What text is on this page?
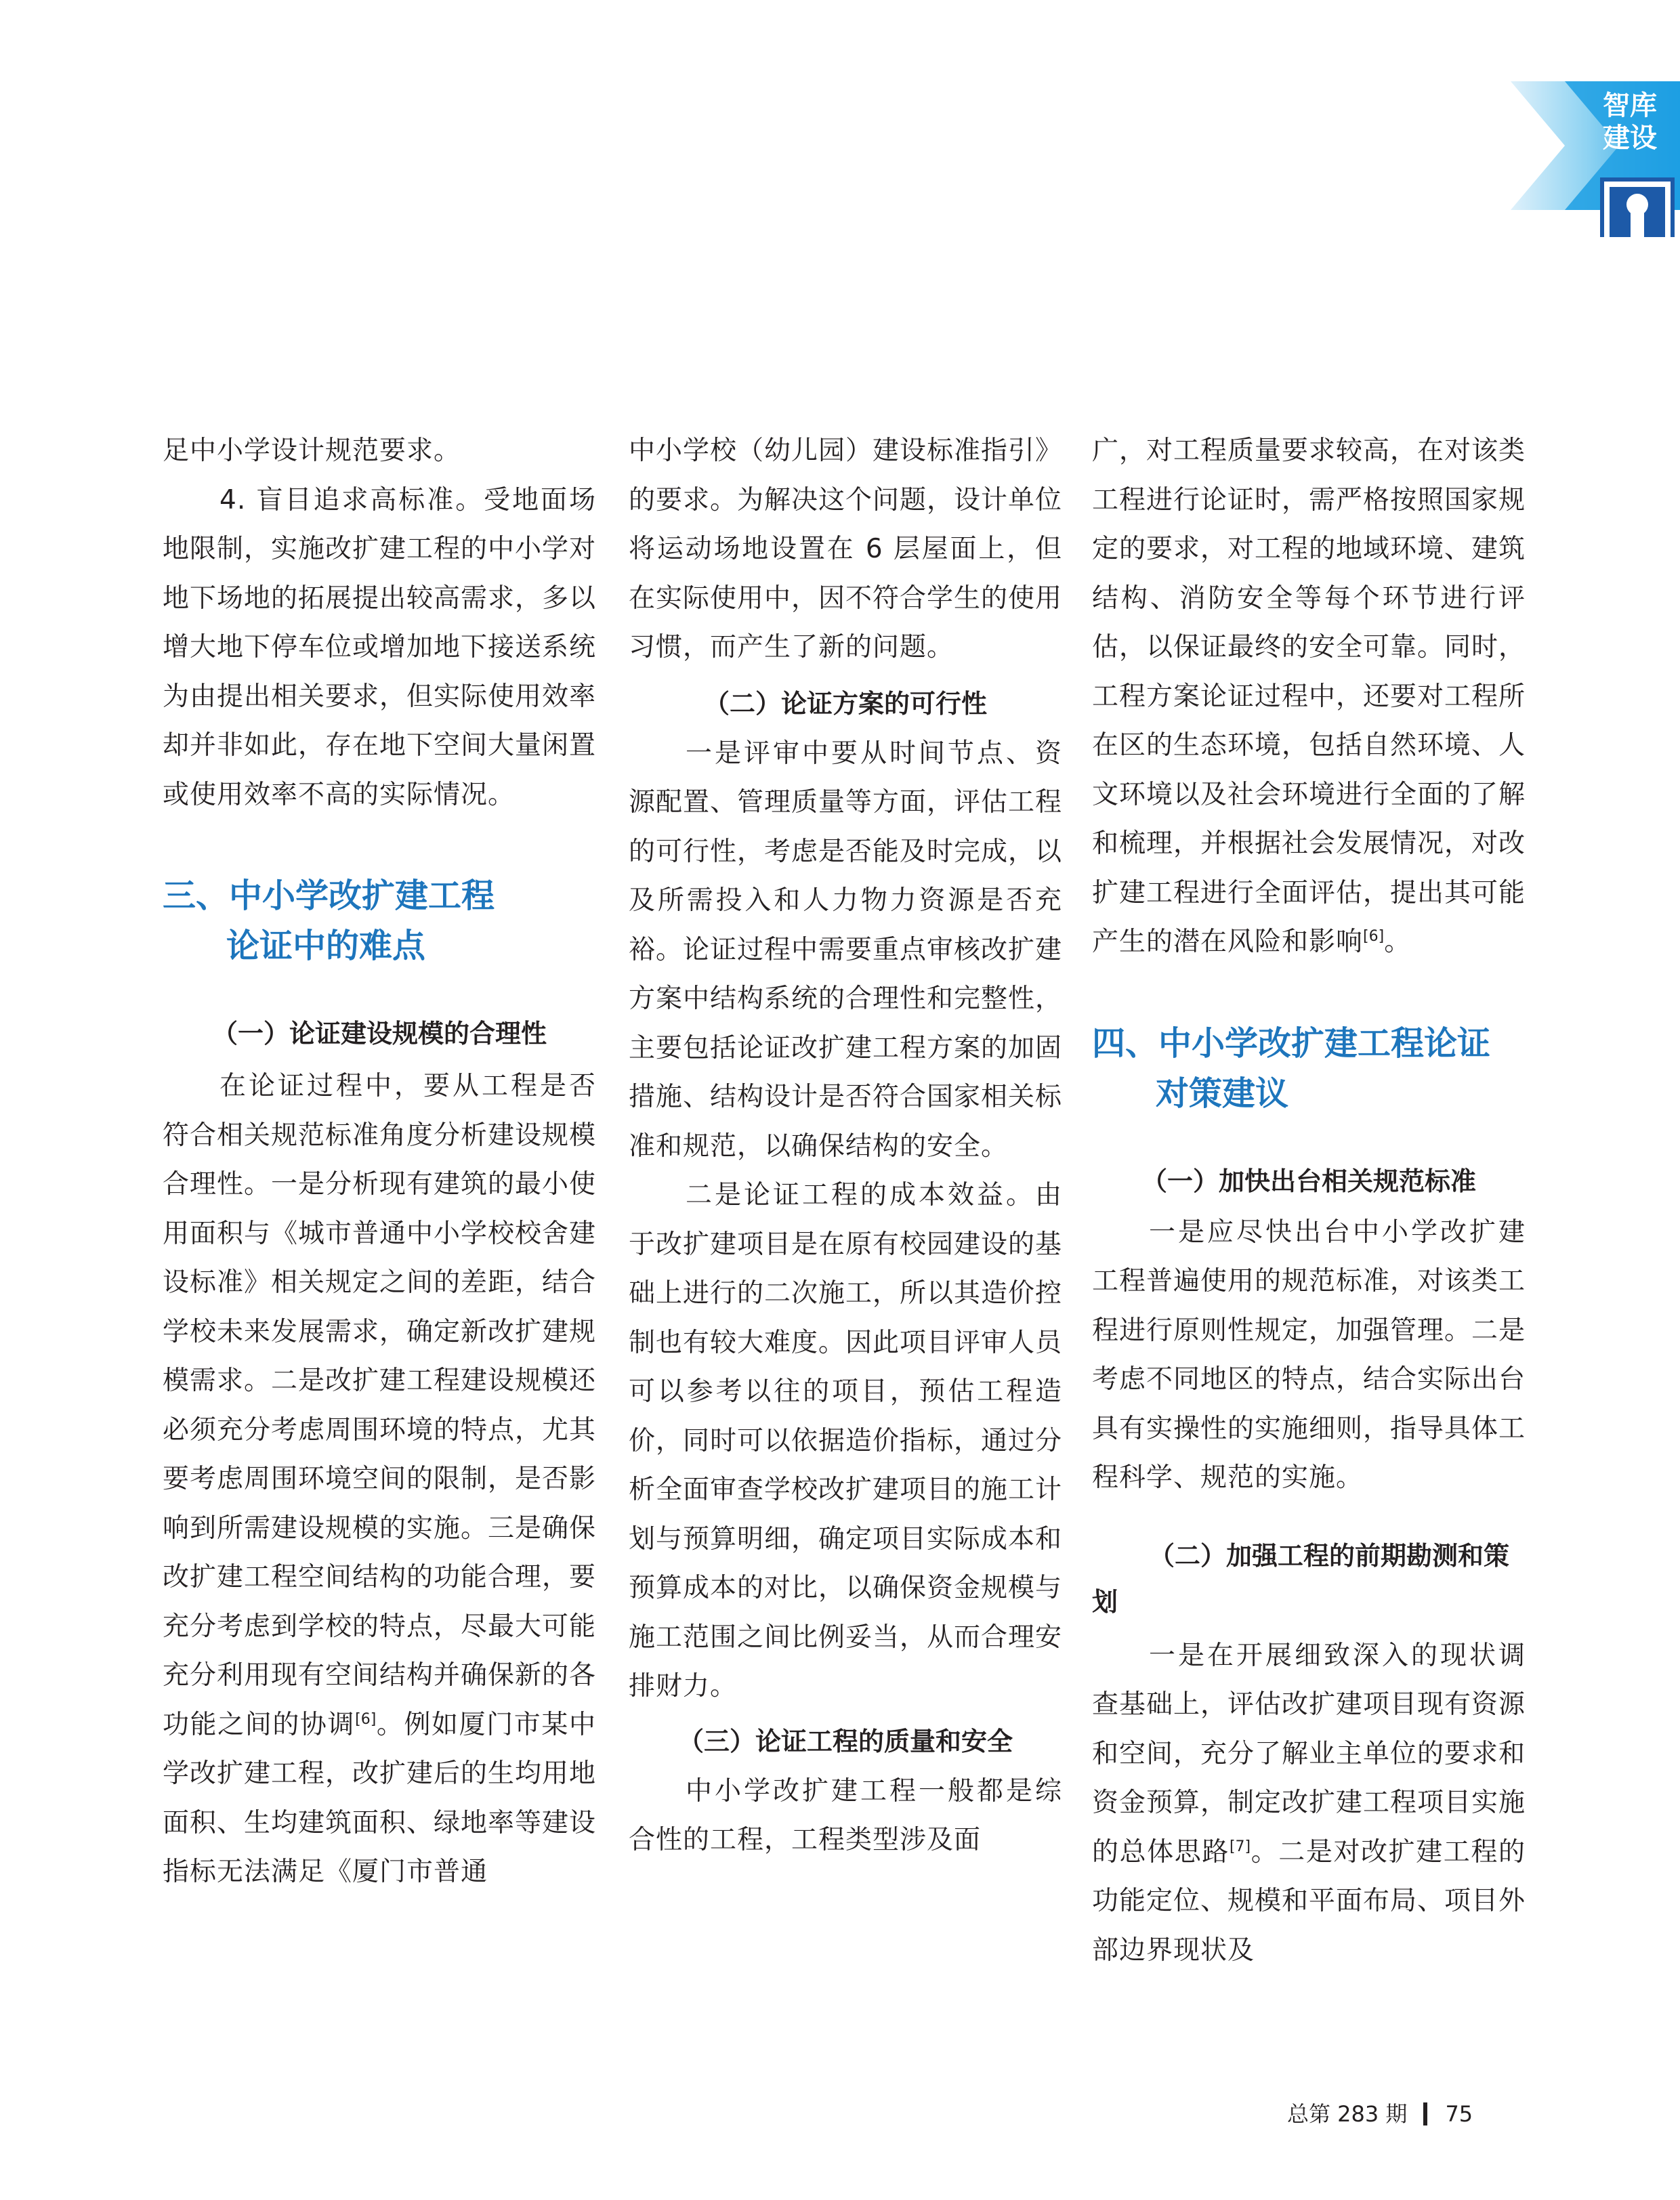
智库
建设

足中小学设计规范要求。

4. 盲目追求高标准。受地面场地限制，实施改扩建工程的中小学对地下场地的拓展提出较高需求，多以增大地下停车位或增加地下接送系统为由提出相关要求，但实际使用效率却并非如此，存在地下空间大量闲置或使用效率不高的实际情况。

三、中小学改扩建工程
论证中的难点
（一）论证建设规模的合理性

在论证过程中，要从工程是否符合相关规范标准角度分析建设规模合理性。一是分析现有建筑的最小使用面积与《城市普通中小学校校舍建设标准》相关规定之间的差距，结合学校未来发展需求，确定新改扩建规模需求。二是改扩建工程建设规模还必须充分考虑周围环境的特点，尤其要考虑周围环境空间的限制，是否影响到所需建设规模的实施。三是确保改扩建工程空间结构的功能合理，要充分考虑到学校的特点，尽最大可能充分利用现有空间结构并确保新的各功能之间的协调[6]。例如厦门市某中学改扩建工程，改扩建后的生均用地面积、生均建筑面积、绿地率等建设指标无法满足《厦门市普通

中小学校（幼儿园）建设标准指引》的要求。为解决这个问题，设计单位将运动场地设置在 6 层屋面上，但在实际使用中，因不符合学生的使用习惯，而产生了新的问题。

（二）论证方案的可行性

一是评审中要从时间节点、资源配置、管理质量等方面，评估工程的可行性，考虑是否能及时完成，以及所需投入和人力物力资源是否充裕。论证过程中需要重点审核改扩建方案中结构系统的合理性和完整性，主要包括论证改扩建工程方案的加固措施、结构设计是否符合国家相关标准和规范，以确保结构的安全。

二是论证工程的成本效益。由于改扩建项目是在原有校园建设的基础上进行的二次施工，所以其造价控制也有较大难度。因此项目评审人员可以参考以往的项目，预估工程造价，同时可以依据造价指标，通过分析全面审查学校改扩建项目的施工计划与预算明细，确定项目实际成本和预算成本的对比，以确保资金规模与施工范围之间比例妥当，从而合理安排财力。

（三）论证工程的质量和安全

中小学改扩建工程一般都是综合性的工程，工程类型涉及面

广，对工程质量要求较高，在对该类工程进行论证时，需严格按照国家规定的要求，对工程的地域环境、建筑结构、消防安全等每个环节进行评估，以保证最终的安全可靠。同时，工程方案论证过程中，还要对工程所在区的生态环境，包括自然环境、人文环境以及社会环境进行全面的了解和梳理，并根据社会发展情况，对改扩建工程进行全面评估，提出其可能产生的潜在风险和影响[6]。

四、中小学改扩建工程论证
对策建议
（一）加快出台相关规范标准

一是应尽快出台中小学改扩建工程普遍使用的规范标准，对该类工程进行原则性规定，加强管理。二是考虑不同地区的特点，结合实际出台具有实操性的实施细则，指导具体工程科学、规范的实施。

（二）加强工程的前期勘测和策划

一是在开展细致深入的现状调查基础上，评估改扩建项目现有资源和空间，充分了解业主单位的要求和资金预算，制定改扩建工程项目实施的总体思路[7]。二是对改扩建工程的功能定位、规模和平面布局、项目外部边界现状及

总第 283 期 75
